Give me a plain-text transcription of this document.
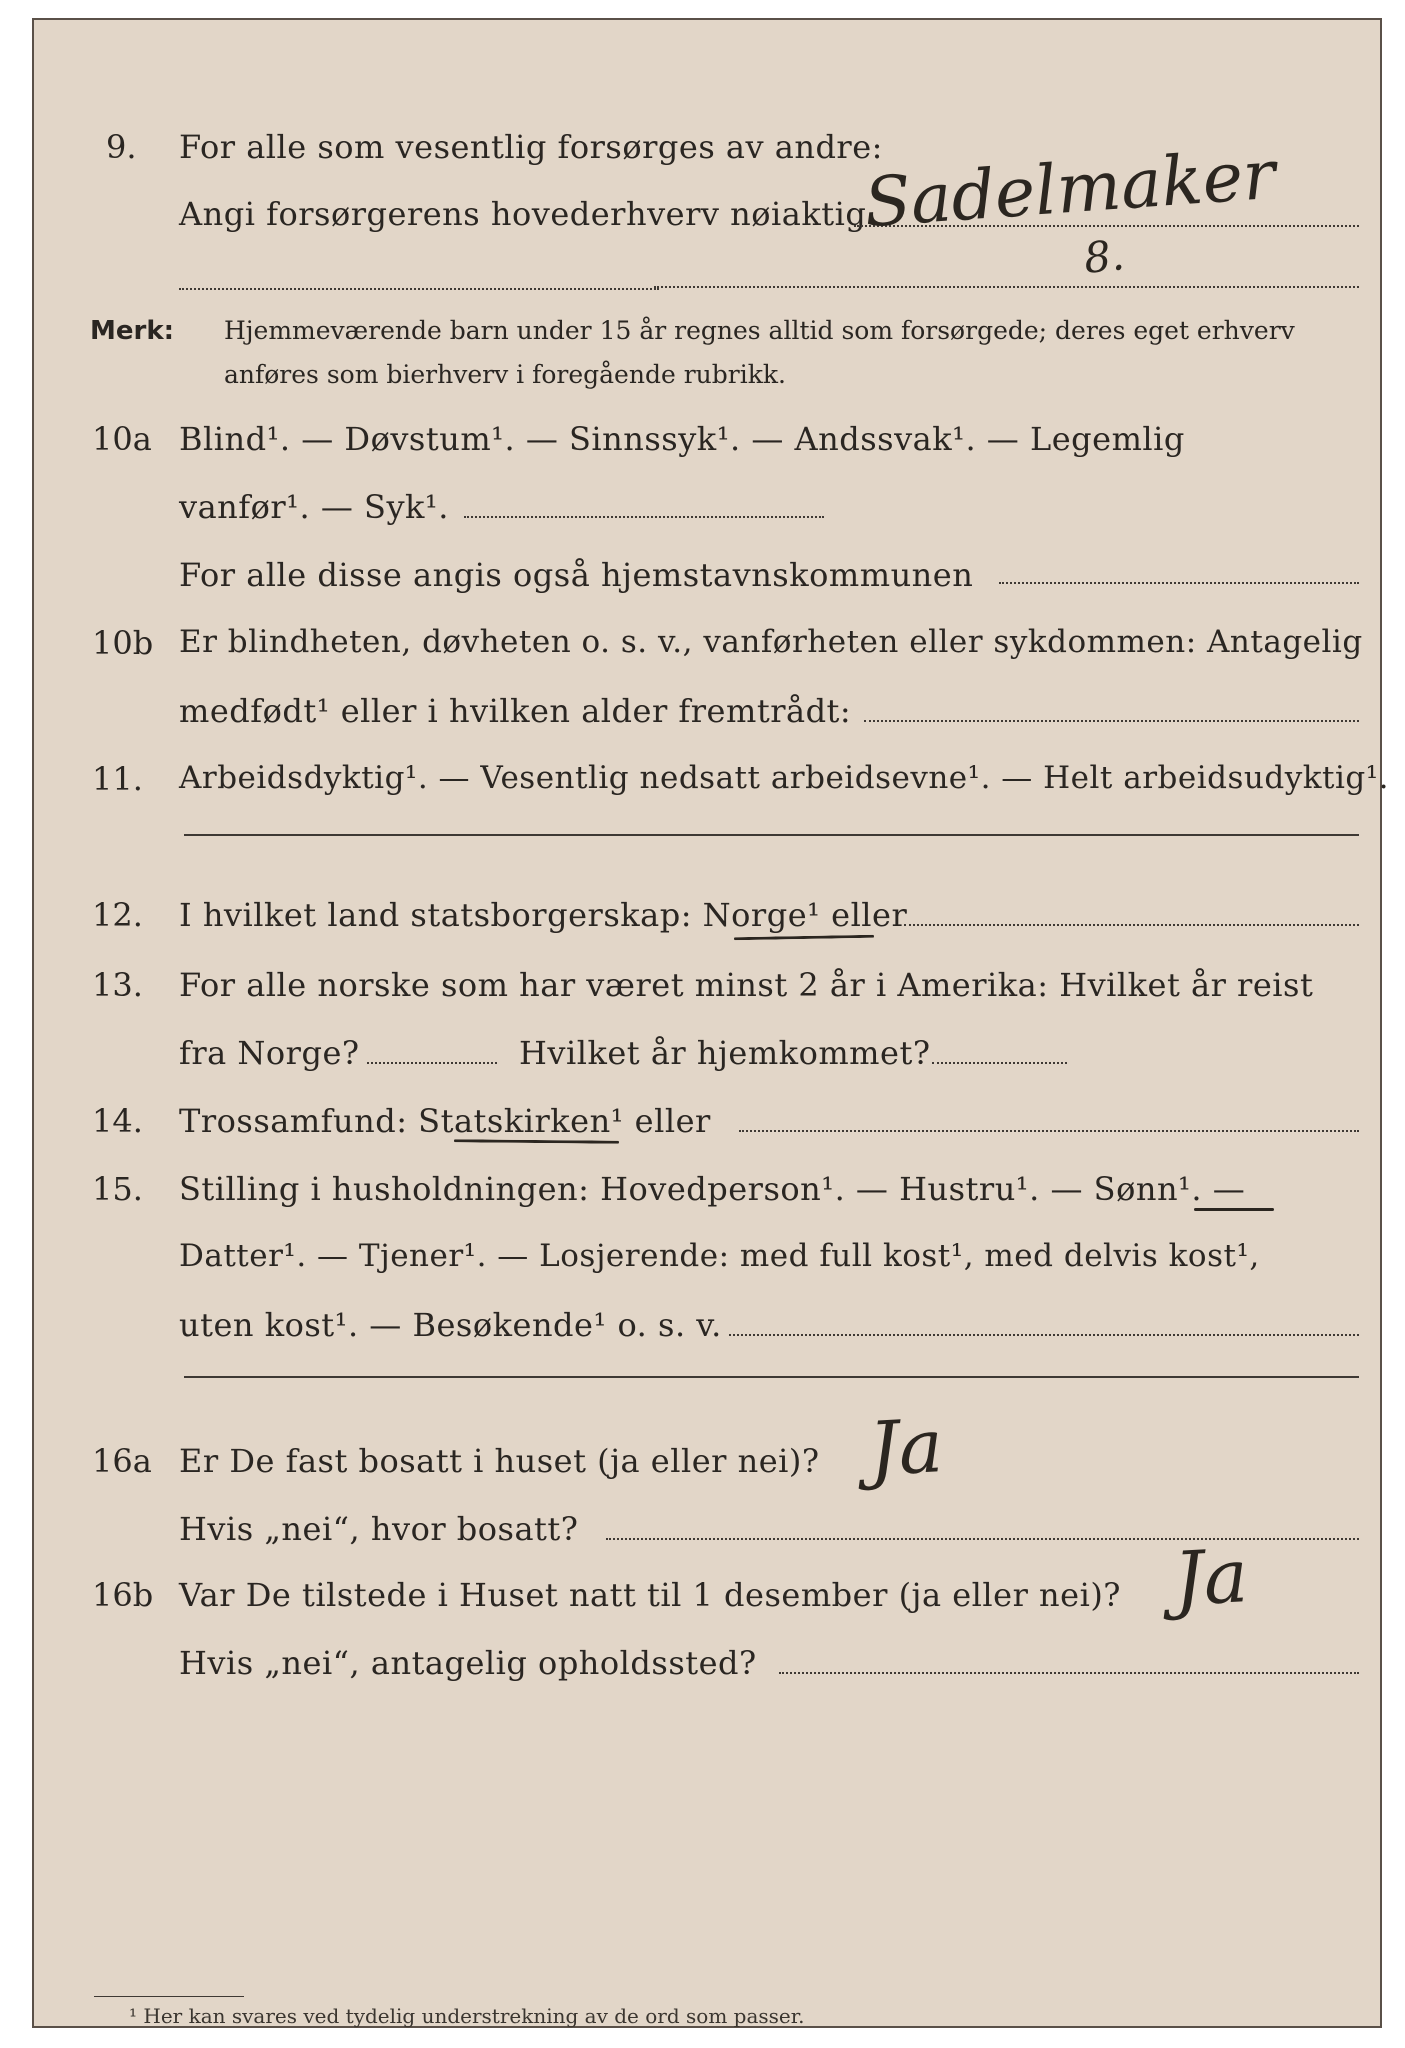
9. For alle som vesentlig forsørges av andre:
Angi forsørgerens hovederhverv nøiaktig
Sadelmaker
8.
Merk: Hjemmeværende barn under 15 år regnes alltid som forsørgede; deres eget erhverv
anføres som bierhverv i foregående rubrikk.
10a Blind¹. — Døvstum¹. — Sinnssyk¹. — Andssvak¹. — Legemlig
vanfør¹. — Syk¹.
For alle disse angis også hjemstavnskommunen
10b Er blindheten, døvheten o. s. v., vanførheten eller sykdommen: Antagelig
medfødt¹ eller i hvilken alder fremtrådt:
11. Arbeidsdyktig¹. — Vesentlig nedsatt arbeidsevne¹. — Helt arbeidsudyktig¹.
12. I hvilket land statsborgerskap: Norge¹ eller
13. For alle norske som har været minst 2 år i Amerika: Hvilket år reist
fra Norge?	Hvilket år hjemkommet?
14. Trossamfund: Statskirken¹ eller
15. Stilling i husholdningen: Hovedperson¹. — Hustru¹. — Sønn¹. —
Datter¹. — Tjener¹. — Losjerende: med full kost¹, med delvis kost¹,
uten kost¹. — Besøkende¹ o. s. v.
16a Er De fast bosatt i huset (ja eller nei)? Ja
Hvis „nei“, hvor bosatt?
16b Var De tilstede i Huset natt til 1 desember (ja eller nei)? Ja
Hvis „nei“, antagelig opholdssted?
¹ Her kan svares ved tydelig understrekning av de ord som passer.
